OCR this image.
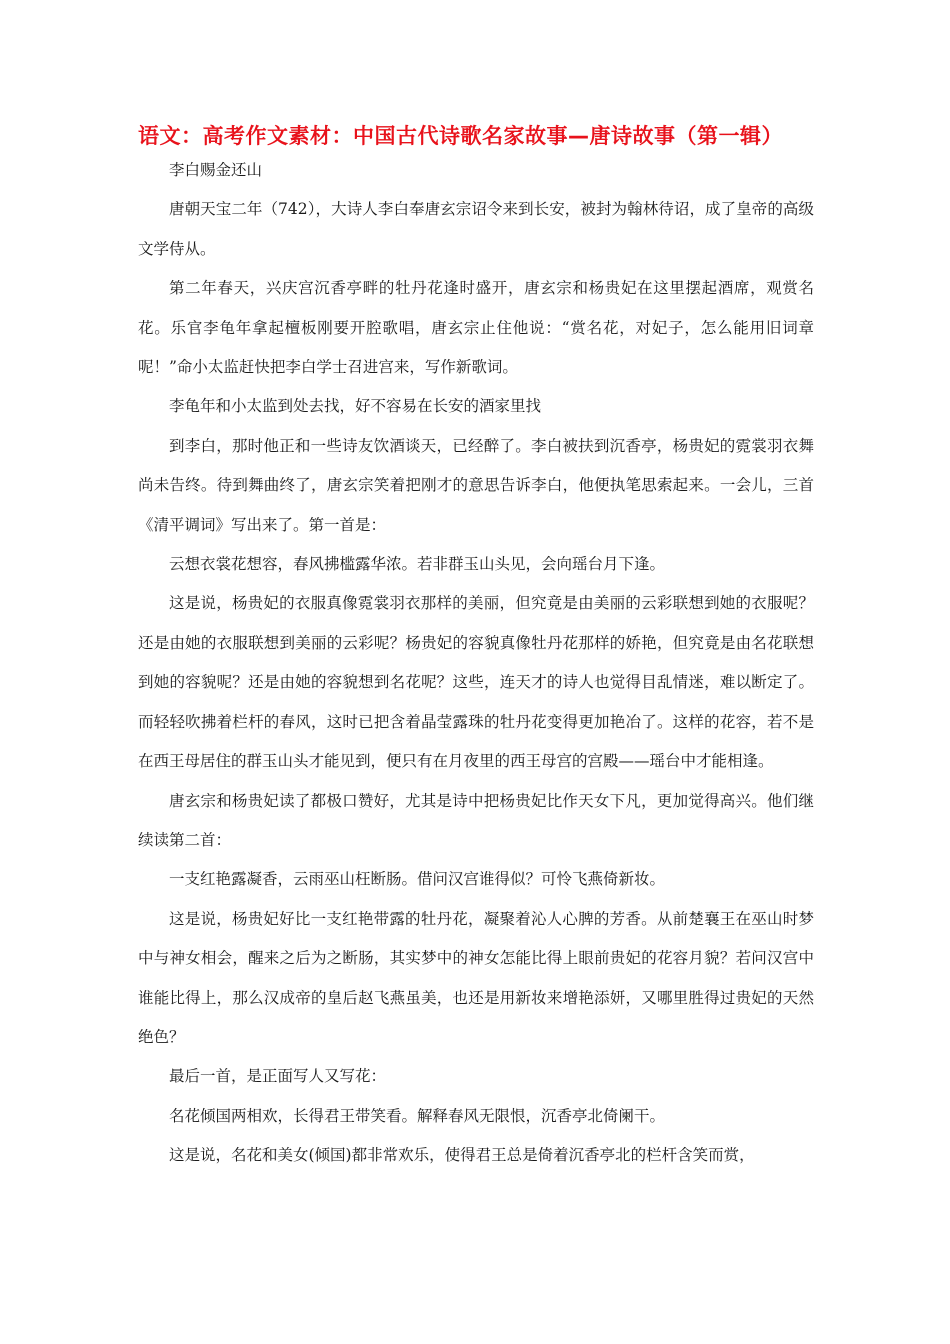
语文：高考作文素材：中国古代诗歌名家故事—唐诗故事（第一辑）

李白赐金还山

唐朝天宝二年（742），大诗人李白奉唐玄宗诏令来到长安，被封为翰林待诏，成了皇帝的高级文学侍从。

第二年春天，兴庆宫沉香亭畔的牡丹花逢时盛开，唐玄宗和杨贵妃在这里摆起酒席，观赏名花。乐官李龟年拿起檀板刚要开腔歌唱，唐玄宗止住他说：“赏名花，对妃子，怎么能用旧词章呢！”命小太监赶快把李白学士召进宫来，写作新歌词。

李龟年和小太监到处去找，好不容易在长安的酒家里找

到李白，那时他正和一些诗友饮酒谈天，已经醉了。李白被扶到沉香亭，杨贵妃的霓裳羽衣舞尚未告终。待到舞曲终了，唐玄宗笑着把刚才的意思告诉李白，他便执笔思索起来。一会儿，三首《清平调词》写出来了。第一首是：

云想衣裳花想容，春风拂槛露华浓。若非群玉山头见，会向瑶台月下逢。

这是说，杨贵妃的衣服真像霓裳羽衣那样的美丽，但究竟是由美丽的云彩联想到她的衣服呢？还是由她的衣服联想到美丽的云彩呢？杨贵妃的容貌真像牡丹花那样的娇艳，但究竟是由名花联想到她的容貌呢？还是由她的容貌想到名花呢？这些，连天才的诗人也觉得目乱情迷，难以断定了。而轻轻吹拂着栏杆的春风，这时已把含着晶莹露珠的牡丹花变得更加艳冶了。这样的花容，若不是在西王母居住的群玉山头才能见到，便只有在月夜里的西王母宫的宫殿——瑶台中才能相逢。

唐玄宗和杨贵妃读了都极口赞好，尤其是诗中把杨贵妃比作天女下凡，更加觉得高兴。他们继续读第二首：

一支红艳露凝香，云雨巫山枉断肠。借问汉宫谁得似？可怜飞燕倚新妆。

这是说，杨贵妃好比一支红艳带露的牡丹花，凝聚着沁人心脾的芳香。从前楚襄王在巫山时梦中与神女相会，醒来之后为之断肠，其实梦中的神女怎能比得上眼前贵妃的花容月貌？若问汉宫中谁能比得上，那么汉成帝的皇后赵飞燕虽美，也还是用新妆来增艳添妍，又哪里胜得过贵妃的天然绝色？

最后一首，是正面写人又写花：

名花倾国两相欢，长得君王带笑看。解释春风无限恨，沉香亭北倚阑干。

这是说，名花和美女(倾国)都非常欢乐，使得君王总是倚着沉香亭北的栏杆含笑而赏，
